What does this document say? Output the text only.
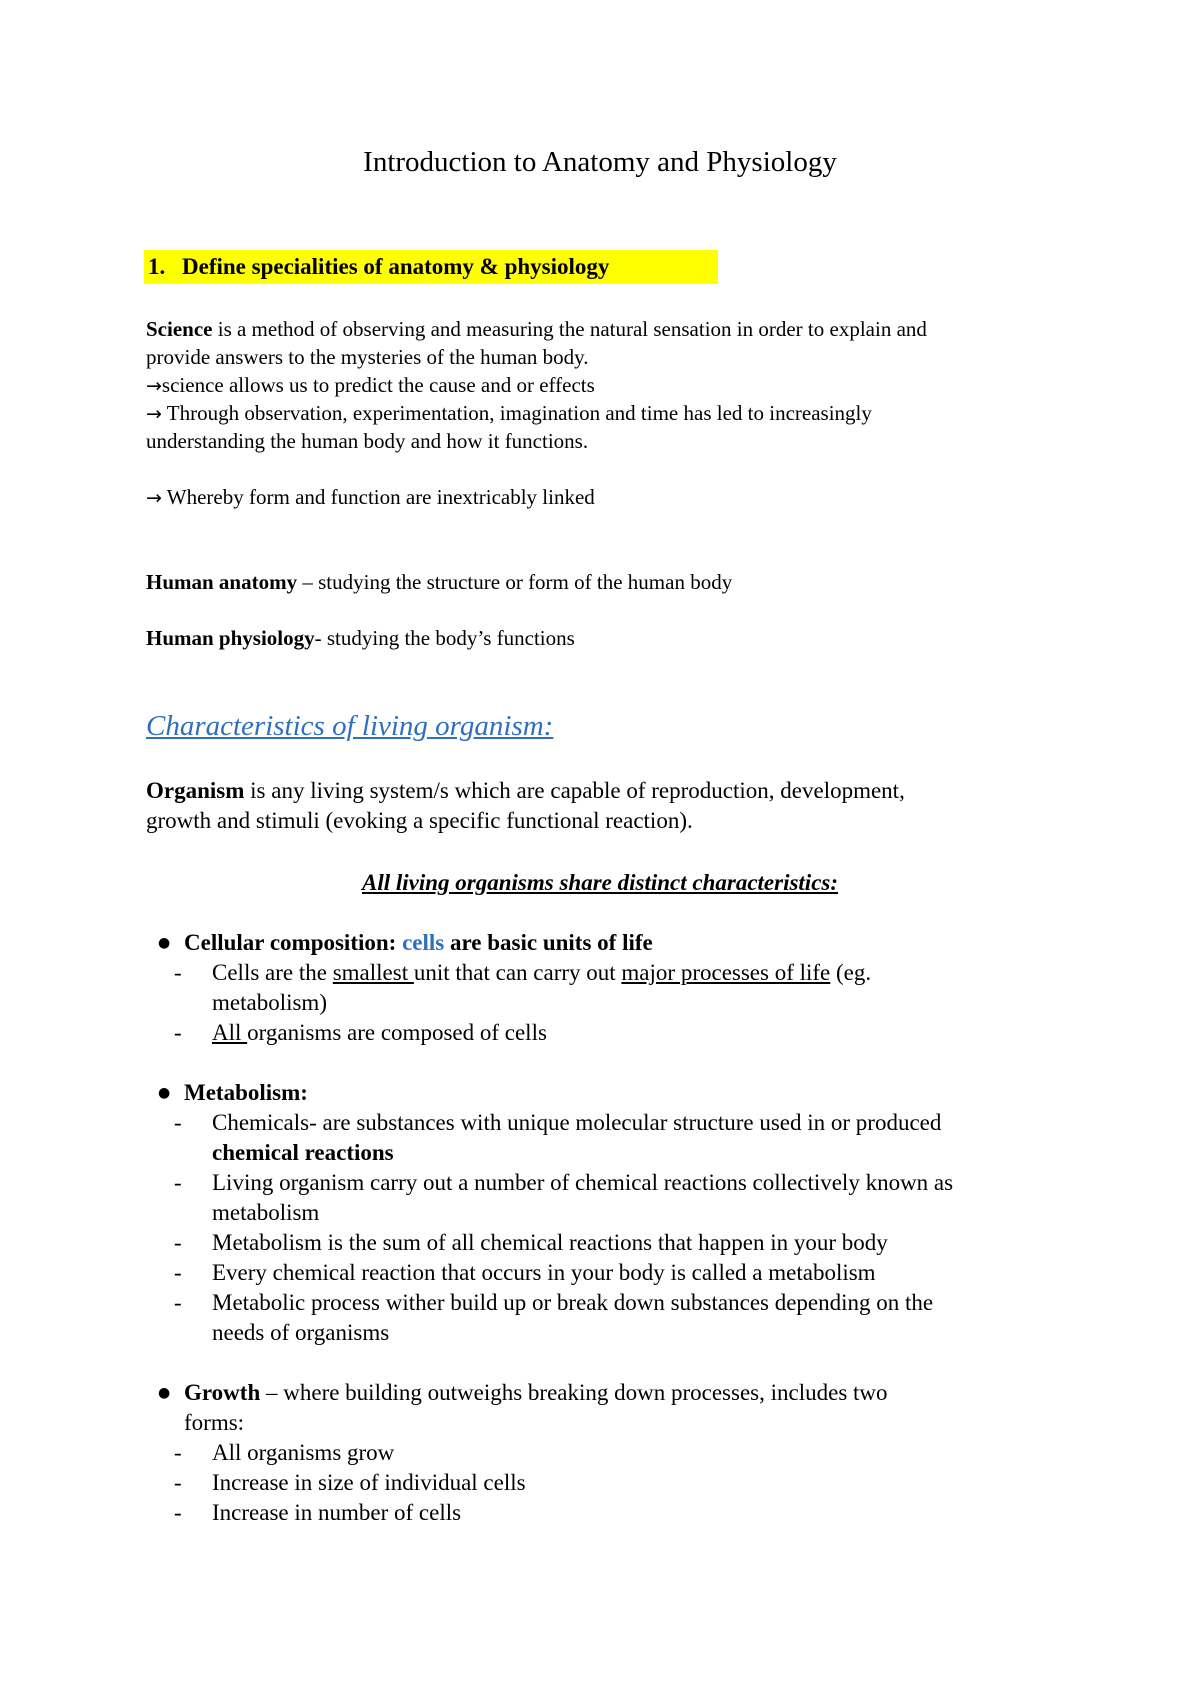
Introduction to Anatomy and Physiology
1. Define specialities of anatomy & physiology
Science is a method of observing and measuring the natural sensation in order to explain and
provide answers to the mysteries of the human body.
→science allows us to predict the cause and or effects
→ Through observation, experimentation, imagination and time has led to increasingly
understanding the human body and how it functions.
→ Whereby form and function are inextricably linked
Human anatomy – studying the structure or form of the human body
Human physiology- studying the body’s functions
Characteristics of living organism:
Organism is any living system/s which are capable of reproduction, development,
growth and stimuli (evoking a specific functional reaction).
All living organisms share distinct characteristics:
● Cellular composition: cells are basic units of life
- Cells are the smallest unit that can carry out major processes of life (eg.
metabolism)
- All organisms are composed of cells
● Metabolism:
- Chemicals- are substances with unique molecular structure used in or produced
chemical reactions
- Living organism carry out a number of chemical reactions collectively known as
metabolism
- Metabolism is the sum of all chemical reactions that happen in your body
- Every chemical reaction that occurs in your body is called a metabolism
- Metabolic process wither build up or break down substances depending on the
needs of organisms
● Growth – where building outweighs breaking down processes, includes two
forms:
- All organisms grow
- Increase in size of individual cells
- Increase in number of cells
